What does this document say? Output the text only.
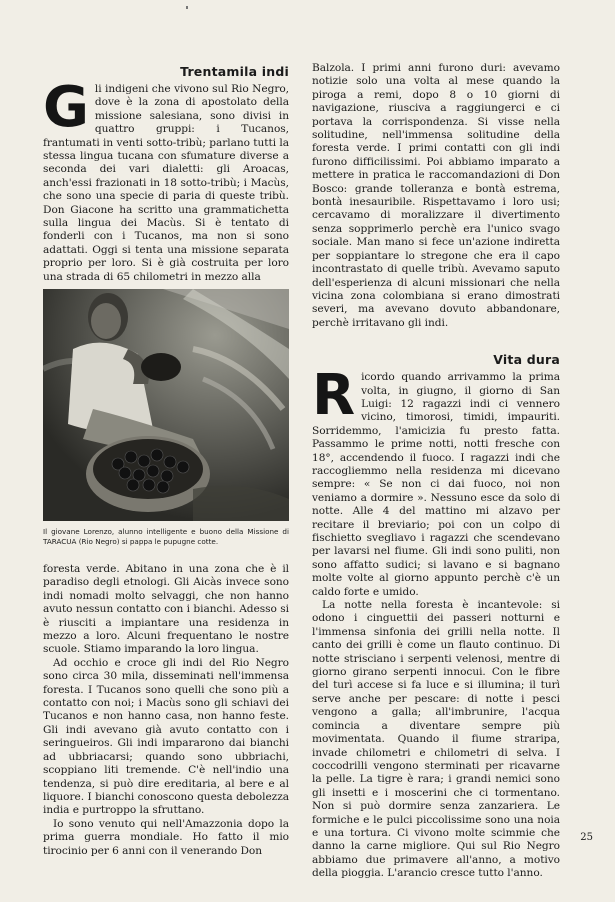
Trentamila indi

Gli indigeni che vivono sul Rio Negro, dove è la zona di apostolato della missione salesiana, sono divisi in quattro gruppi: i Tucanos, frantumati in venti sotto-tribù; parlano tutti la stessa lingua tucana con sfumature diverse a seconda dei vari dialetti: gli Aroacas, anch'essi frazionati in 18 sotto-tribù; i Macùs, che sono una specie di paria di queste tribù. Don Giacone ha scritto una grammatichetta sulla lingua dei Macùs. Si è tentato di fonderli con i Tucanos, ma non si sono adattati. Oggi si tenta una missione separata proprio per loro. Si è già costruita per loro una strada di 65 chilometri in mezzo alla

Il giovane Lorenzo, alunno intelligente e buono della Missione di TARACUA (Rio Negro) si pappa le pupugne cotte.

foresta verde. Abitano in una zona che è il paradiso degli etnologi. Gli Aicàs invece sono indi nomadi molto selvaggi, che non hanno avuto nessun contatto con i bianchi. Adesso si è riusciti a impiantare una residenza in mezzo a loro. Alcuni frequentano le nostre scuole. Stiamo imparando la loro lingua.

Ad occhio e croce gli indi del Rio Negro sono circa 30 mila, disseminati nell'immensa foresta. I Tucanos sono quelli che sono più a contatto con noi; i Macùs sono gli schiavi dei Tucanos e non hanno casa, non hanno feste. Gli indi avevano già avuto contatto con i seringueiros. Gli indi impararono dai bianchi ad ubbriacarsi; quando sono ubbriachi, scoppiano liti tremende. C'è nell'indio una tendenza, si può dire ereditaria, al bere e al liquore. I bianchi conoscono questa debolezza india e purtroppo la sfruttano.

Io sono venuto qui nell'Amazzonia dopo la prima guerra mondiale. Ho fatto il mio tirocinio per 6 anni con il venerando Don

Balzola. I primi anni furono duri: avevamo notizie solo una volta al mese quando la piroga a remi, dopo 8 o 10 giorni di navigazione, riusciva a raggiungerci e ci portava la corrispondenza. Si visse nella solitudine, nell'immensa solitudine della foresta verde. I primi contatti con gli indi furono difficilissimi. Poi abbiamo imparato a mettere in pratica le raccomandazioni di Don Bosco: grande tolleranza e bontà estrema, bontà inesauribile. Rispettavamo i loro usi; cercavamo di moralizzare il divertimento senza sopprimerlo perchè era l'unico svago sociale. Man mano si fece un'azione indiretta per soppiantare lo stregone che era il capo incontrastato di quelle tribù. Avevamo saputo dell'esperienza di alcuni missionari che nella vicina zona colombiana si erano dimostrati severi, ma avevano dovuto abbandonare, perchè irritavano gli indi.

Vita dura

Ricordo quando arrivammo la prima volta, in giugno, il giorno di San Luigi: 12 ragazzi indi ci vennero vicino, timorosi, timidi, impauriti. Sorridemmo, l'amicizia fu presto fatta. Passammo le prime notti, notti fresche con 18°, accendendo il fuoco. I ragazzi indi che raccogliemmo nella residenza mi dicevano sempre: « Se non ci dai fuoco, noi non veniamo a dormire ». Nessuno esce da solo di notte. Alle 4 del mattino mi alzavo per recitare il breviario; poi con un colpo di fischietto svegliavo i ragazzi che scendevano per lavarsi nel fiume. Gli indi sono puliti, non sono affatto sudici; si lavano e si bagnano molte volte al giorno appunto perchè c'è un caldo forte e umido.

La notte nella foresta è incantevole: si odono i cinguettii dei passeri notturni e l'immensa sinfonia dei grilli nella notte. Il canto dei grilli è come un flauto continuo. Di notte strisciano i serpenti velenosi, mentre di giorno girano serpenti innocui. Con le fibre del turì accese si fa luce e si illumina; il turì serve anche per pescare: di notte i pesci vengono a galla; all'imbrunire, l'acqua comincia a diventare sempre più movimentata. Quando il fiume straripa, invade chilometri e chilometri di selva. I coccodrilli vengono sterminati per ricavarne la pelle. La tigre è rara; i grandi nemici sono gli insetti e i moscerini che ci tormentano. Non si può dormire senza zanzariera. Le formiche e le pulci piccolissime sono una noia e una tortura. Ci vivono molte scimmie che danno la carne migliore. Qui sul Rio Negro abbiamo due primavere all'anno, a motivo della pioggia. L'arancio cresce tutto l'anno.

25
